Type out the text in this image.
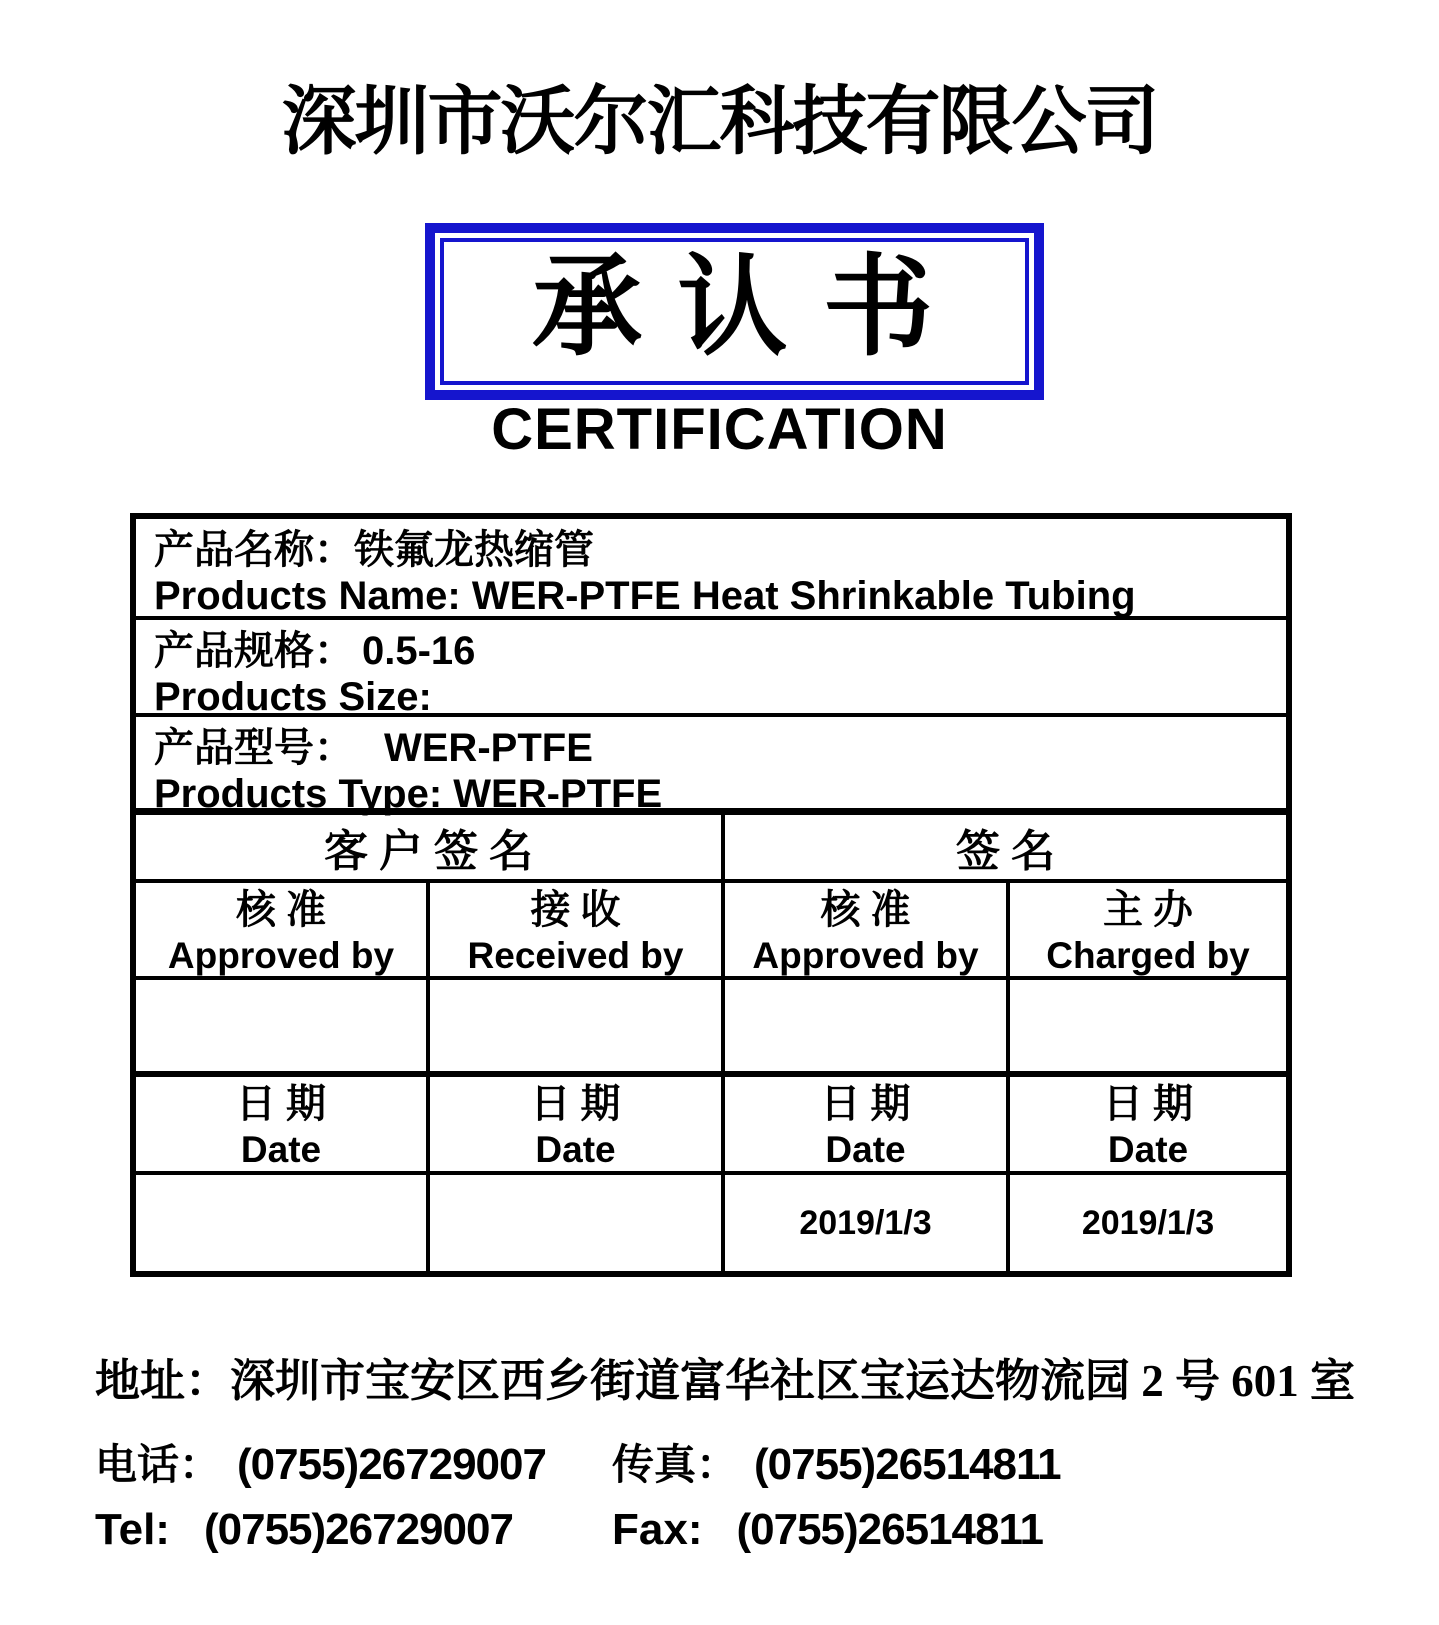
深圳市沃尔汇科技有限公司
承 认 书
CERTIFICATION
产品名称：铁氟龙热缩管
Products Name: WER-PTFE Heat Shrinkable Tubing
产品规格： 0.5-16
Products Size:
产品型号： WER-PTFE
Products Type: WER-PTFE
客 户 签 名	签 名
核 准
Approved by
接 收
Received by
核 准
Approved by
主 办
Charged by
日 期
Date
日 期
Date
日 期
Date
日 期
Date
2019/1/3	2019/1/3
地址：深圳市宝安区西乡街道富华社区宝运达物流园 2 号 601 室
电话： (0755)26729007 传真： (0755)26514811
Tel: (0755)26729007 Fax: (0755)26514811
